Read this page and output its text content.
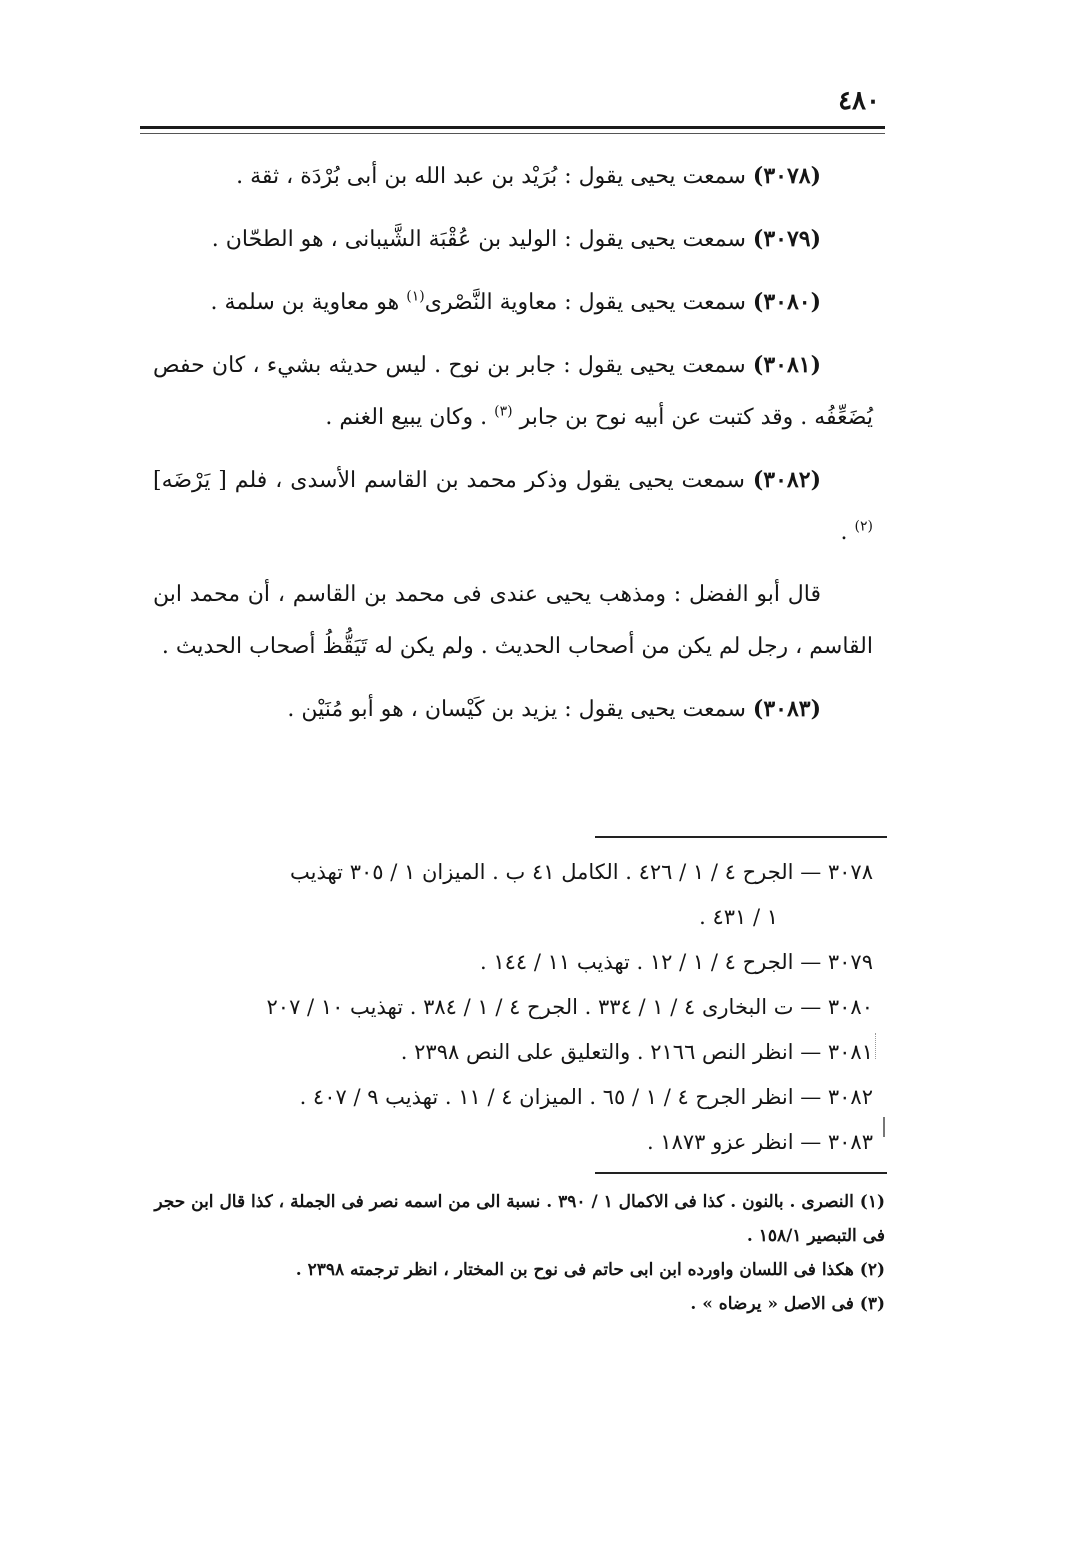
٤٨٠

(٣٠٧٨) سمعت يحيى يقول : بُرَيْد بن عبد الله بن أبى بُرْدَة ، ثقة .

(٣٠٧٩) سمعت يحيى يقول : الوليد بن عُقْبَة الشَّيبانى ، هو الطحّان .

(٣٠٨٠) سمعت يحيى يقول : معاوية النَّصْرى$^{(١)}$ هو معاوية بن سلمة .

(٣٠٨١) سمعت يحيى يقول : جابر بن نوح . ليس حديثه بشيء ، كان حفص يُضَعِّفُه . وقد كتبت عن أبيه نوح بن جابر $^{(٣)}$ . وكان يبيع الغنم .

(٣٠٨٢) سمعت يحيى يقول وذكر محمد بن القاسم الأسدى ، فلم [ يَرْضَه]$^{(٢)}$ .

قال أبو الفضل : ومذهب يحيى عندى فى محمد بن القاسم ، أن محمد ابن القاسم ، رجل لم يكن من أصحاب الحديث . ولم يكن له تَيَقُّظُ أصحاب الحديث .

(٣٠٨٣) سمعت يحيى يقول : يزيد بن كَيْسان ، هو أبو مُنَيْن .

٣٠٧٨ — الجرح ٤ / ١ / ٤٢٦ . الكامل ٤١ ب . الميزان ١ / ٣٠٥ تهذيب
١ / ٤٣١ .
٣٠٧٩ — الجرح ٤ / ١ / ١٢ . تهذيب ١١ / ١٤٤ .
٣٠٨٠ — ت البخارى ٤ / ١ / ٣٣٤ . الجرح ٤ / ١ / ٣٨٤ . تهذيب ١٠ / ٢٠٧
٣٠٨١ — انظر النص ٢١٦٦ . والتعليق على النص ٢٣٩٨ .
٣٠٨٢ — انظر الجرح ٤ / ١ / ٦٥ . الميزان ٤ / ١١ . تهذيب ٩ / ٤٠٧ .
٣٠٨٣ — انظر عزو ١٨٧٣ .

(١) النصرى . بالنون . كذا فى الاكمال ١ / ٣٩٠ . نسبة الى من اسمه نصر فى الجملة ، كذا قال ابن حجر فى التبصير ١٥٨/١ .

(٢) هكذا فى اللسان واورده ابن ابى حاتم فى نوح بن المختار ، انظر ترجمته ٢٣٩٨ .

(٣) فى الاصل « يرضاه » .
